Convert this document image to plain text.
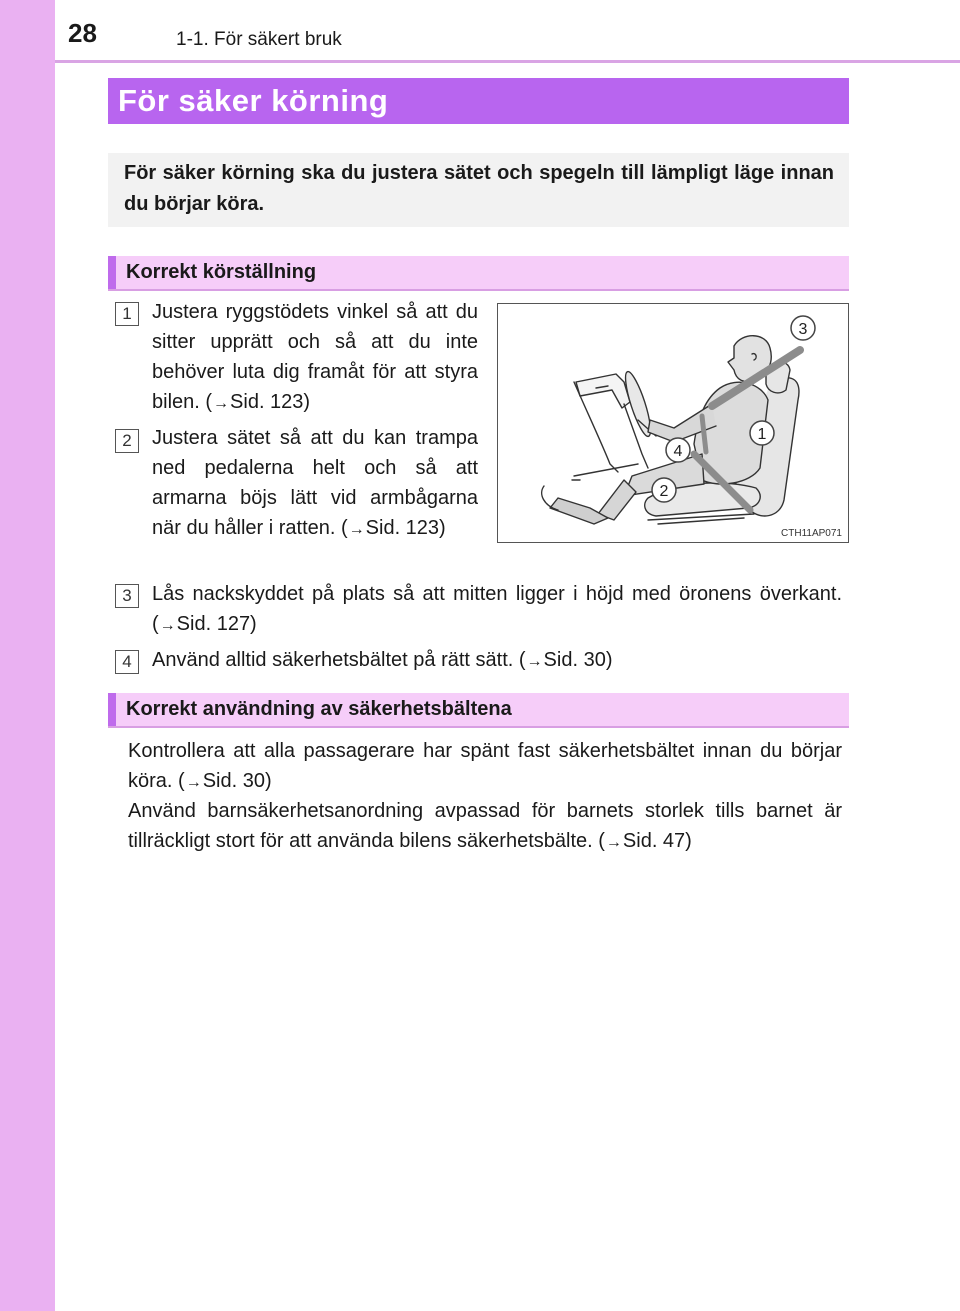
28	1-1. För säkert bruk
För säker körning

För säker körning ska du justera sätet och spegeln till lämpligt läge innan du börjar köra.

Korrekt körställning
1	Justera ryggstödets vinkel så att du sitter upprätt och så att du inte behöver luta dig framåt för att styra bilen. (→Sid. 123)

2	Justera sätet så att du kan trampa ned pedalerna helt och så att armarna böjs lätt vid armbågarna när du håller i ratten. (→Sid. 123)

3	Lås nackskyddet på plats så att mitten ligger i höjd med öronens överkant. (→Sid. 127)

4	Använd alltid säkerhetsbältet på rätt sätt. (→Sid. 30)

3
1
4
2
CTH11AP071
Korrekt användning av säkerhetsbältena

Kontrollera att alla passagerare har spänt fast säkerhetsbältet innan du börjar köra. (→Sid. 30)

Använd barnsäkerhetsanordning avpassad för barnets storlek tills barnet är tillräckligt stort för att använda bilens säkerhetsbälte. (→Sid. 47)
